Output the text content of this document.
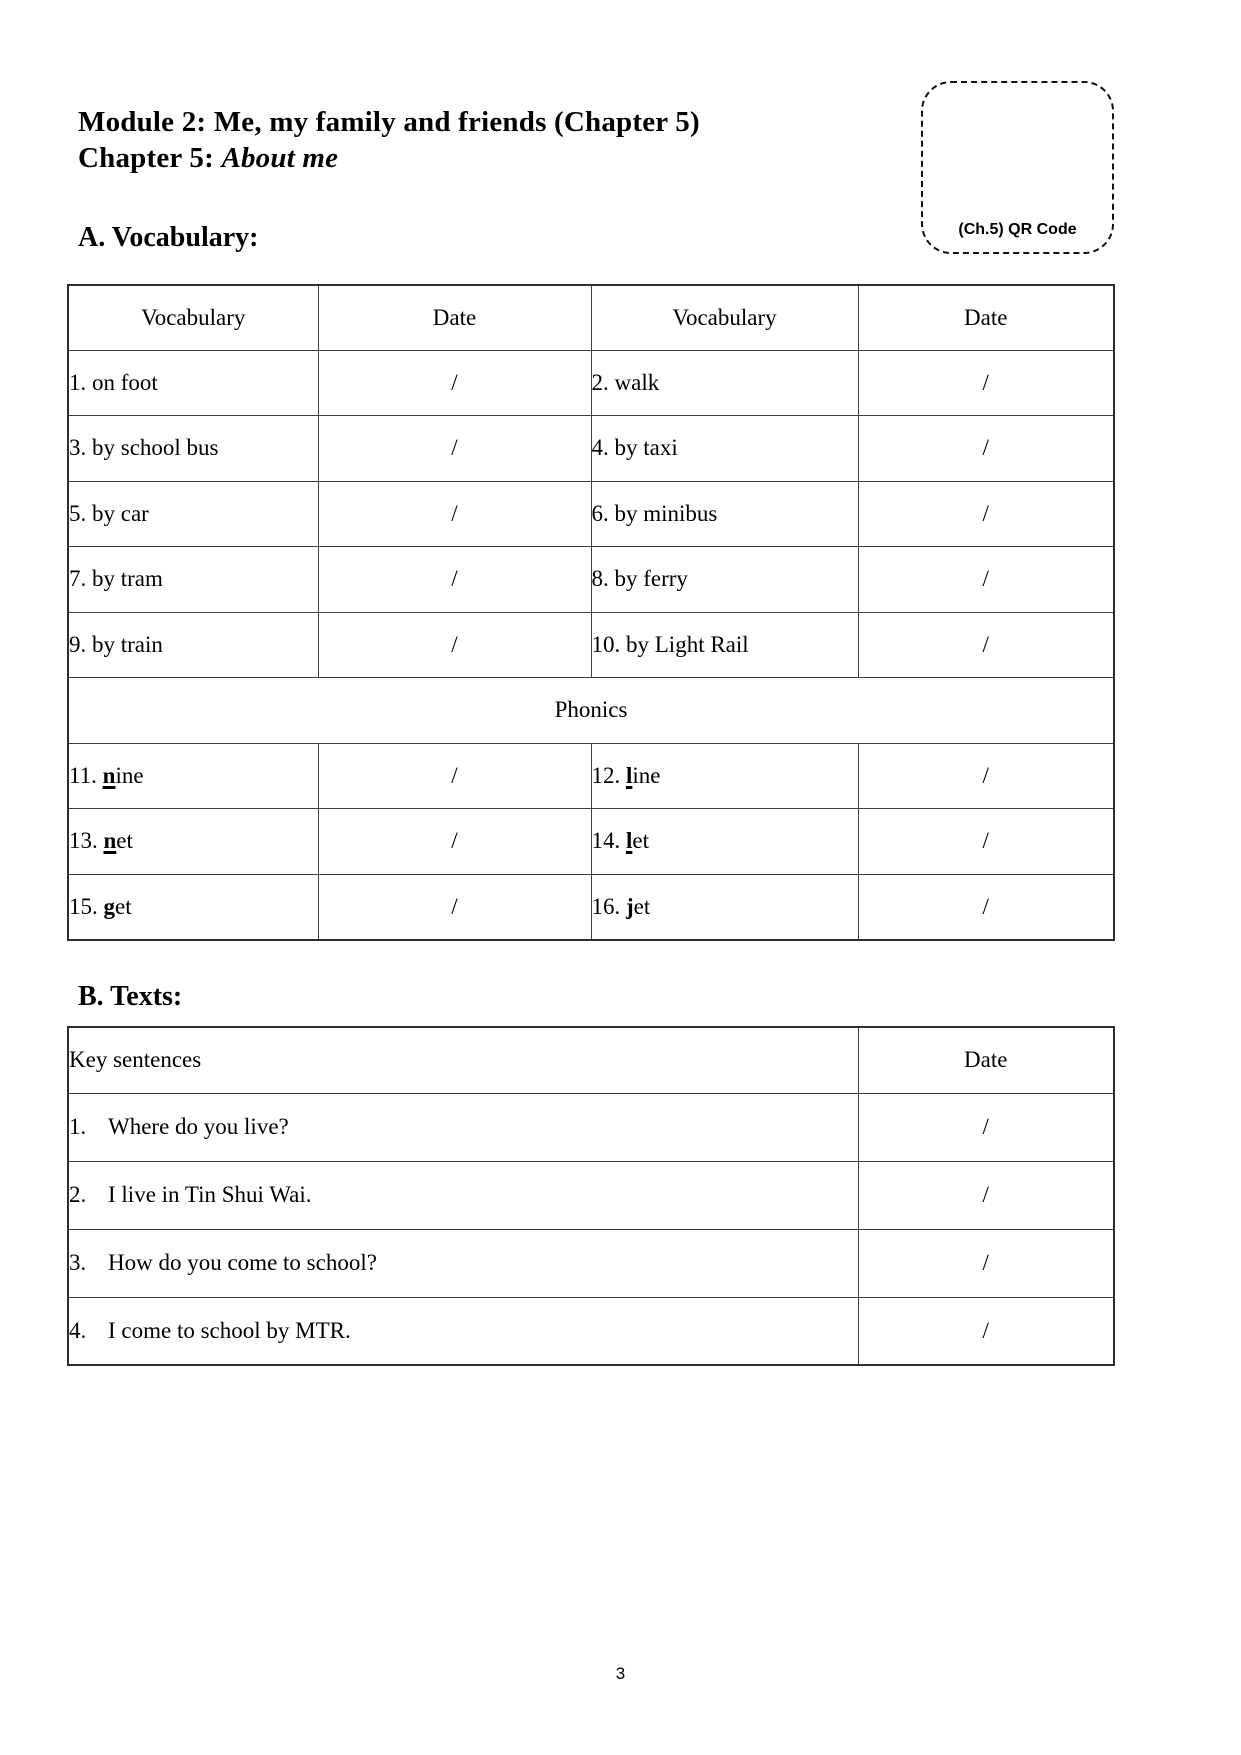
Module 2: Me, my family and friends (Chapter 5)
Chapter 5: About me
(Ch.5) QR Code
A. Vocabulary:
Vocabulary	Date	Vocabulary	Date
1. on foot	/	2. walk	/
3. by school bus	/	4. by taxi	/
5. by car	/	6. by minibus	/
7. by tram	/	8. by ferry	/
9. by train	/	10. by Light Rail	/
Phonics			
11. nine	/	12. line	/
13. net	/	14. let	/
15. get	/	16. jet	/
B. Texts:
Key sentences	Date
1. Where do you live?	/
2. I live in Tin Shui Wai.	/
3. How do you come to school?	/
4. I come to school by MTR.	/
3
